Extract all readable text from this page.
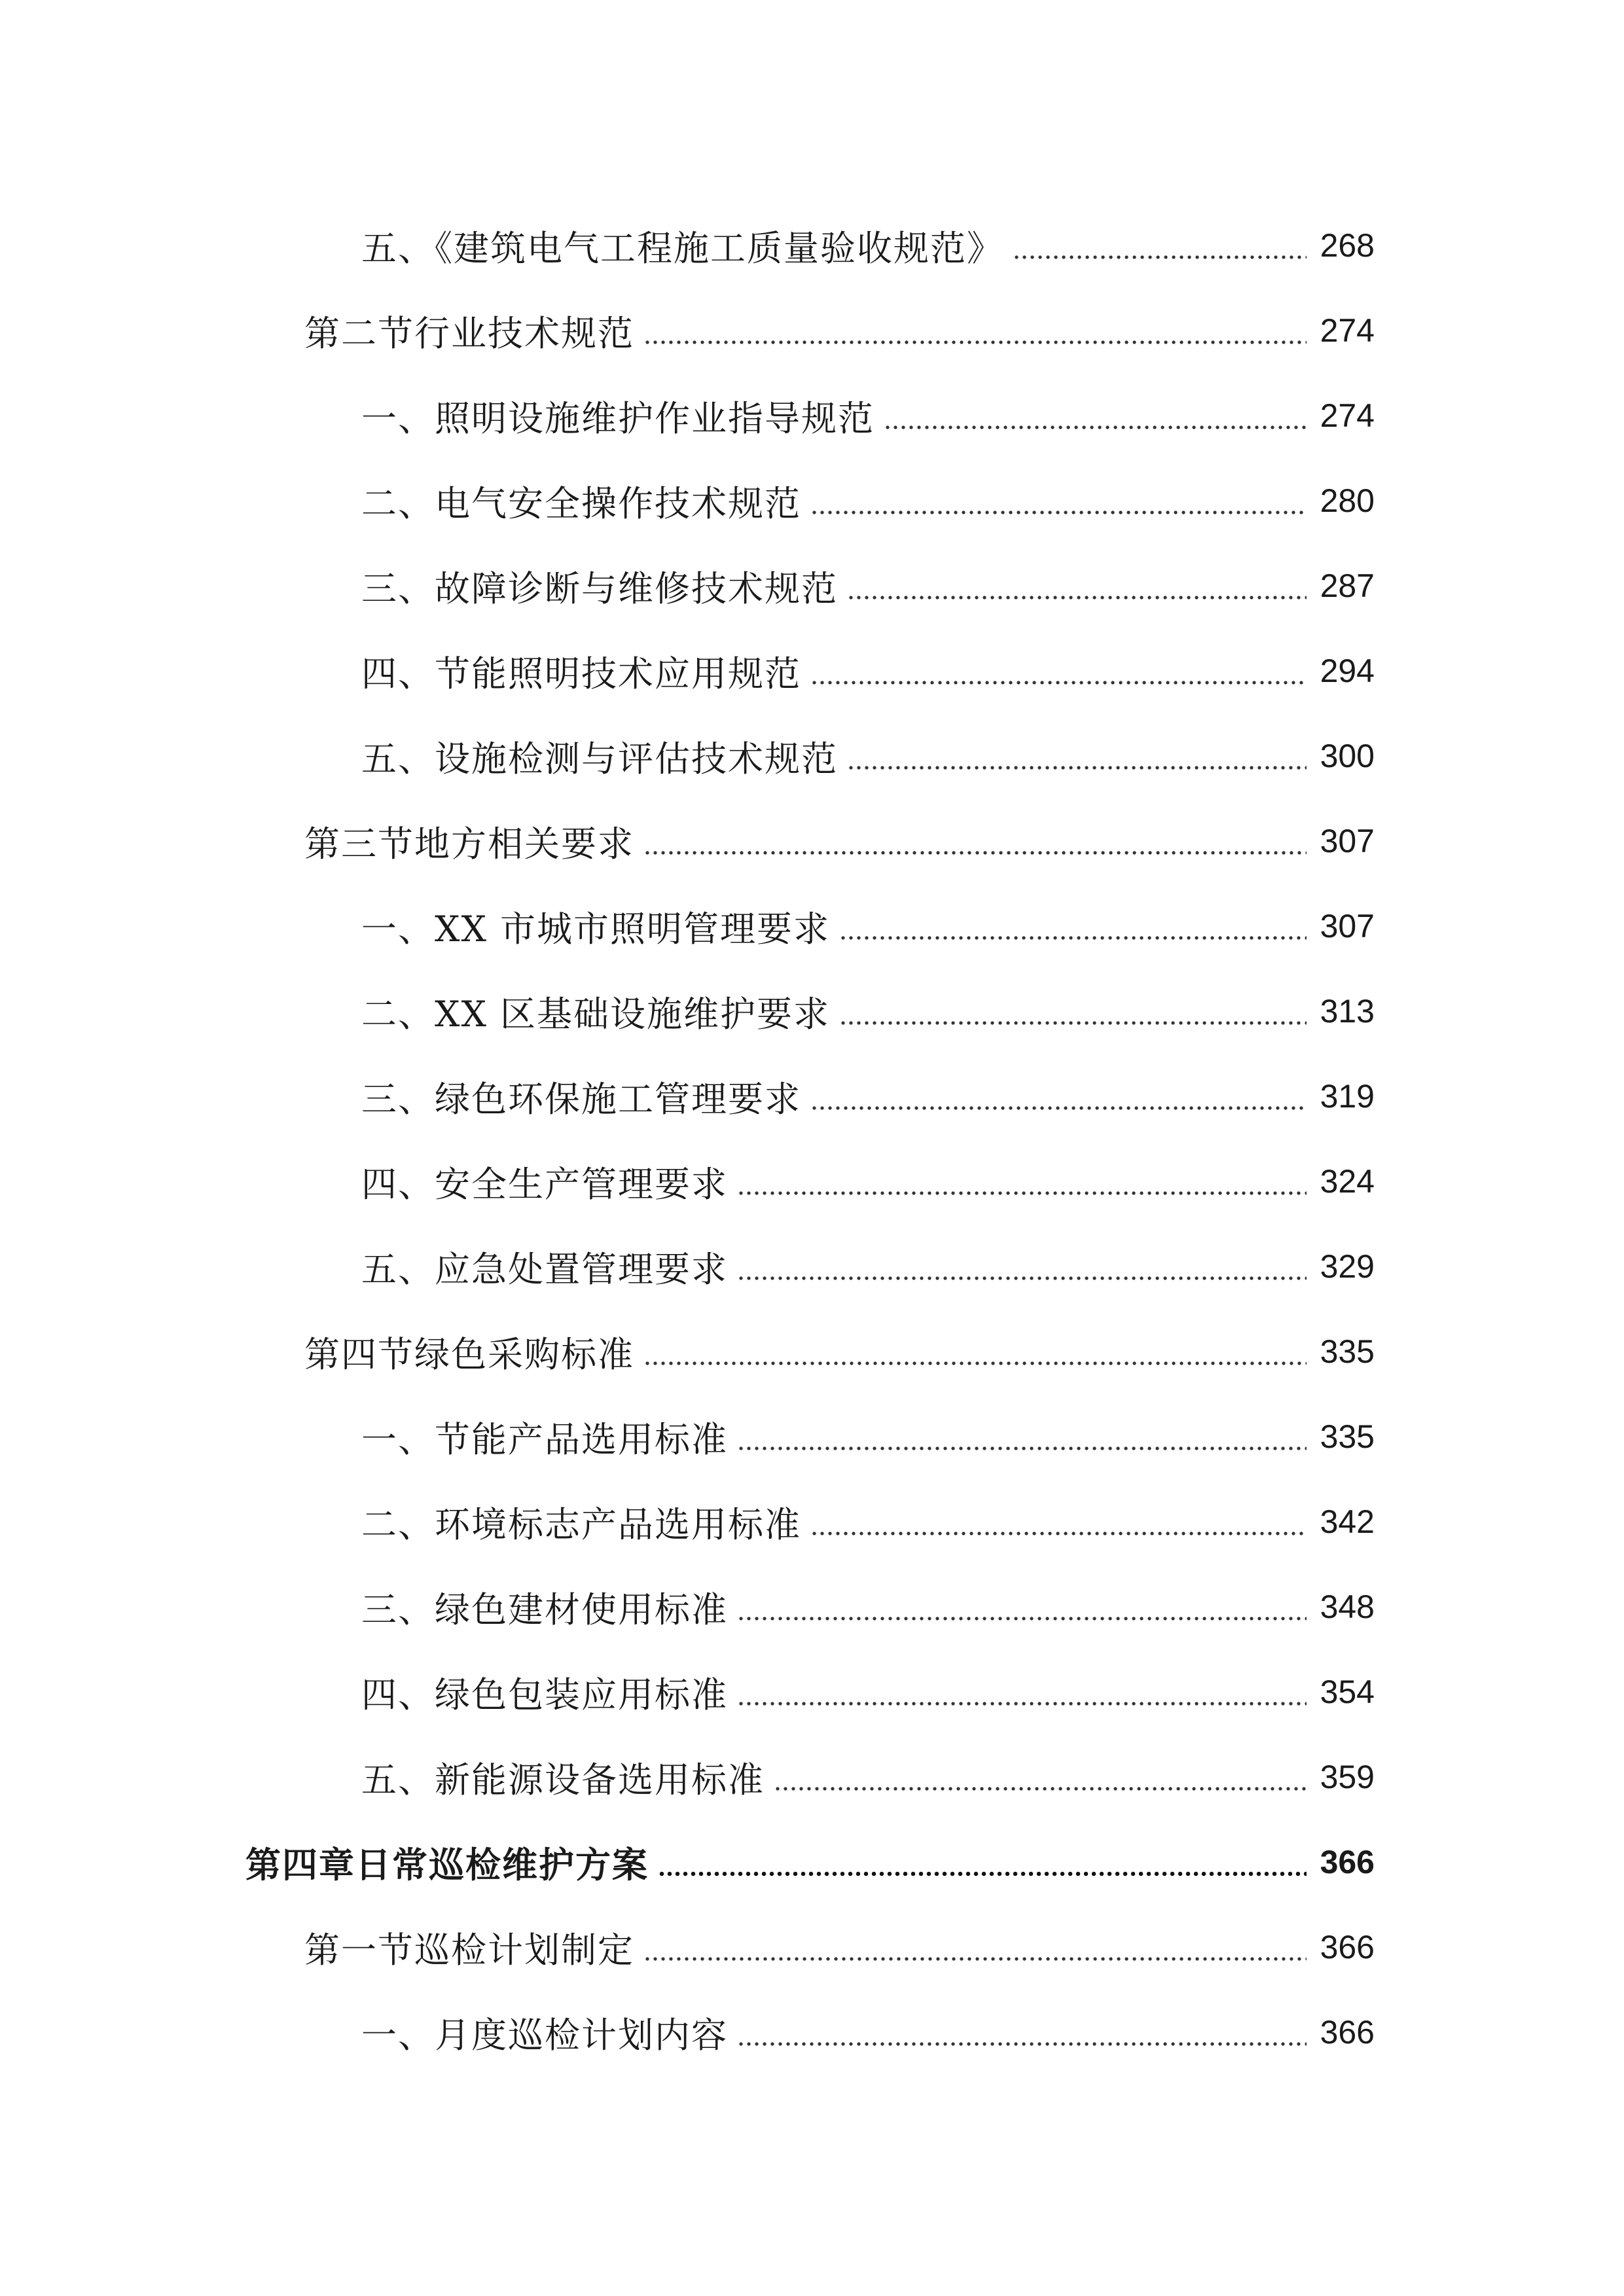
五、《建筑电气工程施工质量验收规范》	268
第二节行业技术规范	274
一、照明设施维护作业指导规范	274
二、电气安全操作技术规范	280
三、故障诊断与维修技术规范	287
四、节能照明技术应用规范	294
五、设施检测与评估技术规范	300
第三节地方相关要求	307
一、XX 市城市照明管理要求	307
二、XX 区基础设施维护要求	313
三、绿色环保施工管理要求	319
四、安全生产管理要求	324
五、应急处置管理要求	329
第四节绿色采购标准	335
一、节能产品选用标准	335
二、环境标志产品选用标准	342
三、绿色建材使用标准	348
四、绿色包装应用标准	354
五、新能源设备选用标准	359
第四章日常巡检维护方案	366
第一节巡检计划制定	366
一、月度巡检计划内容	366
